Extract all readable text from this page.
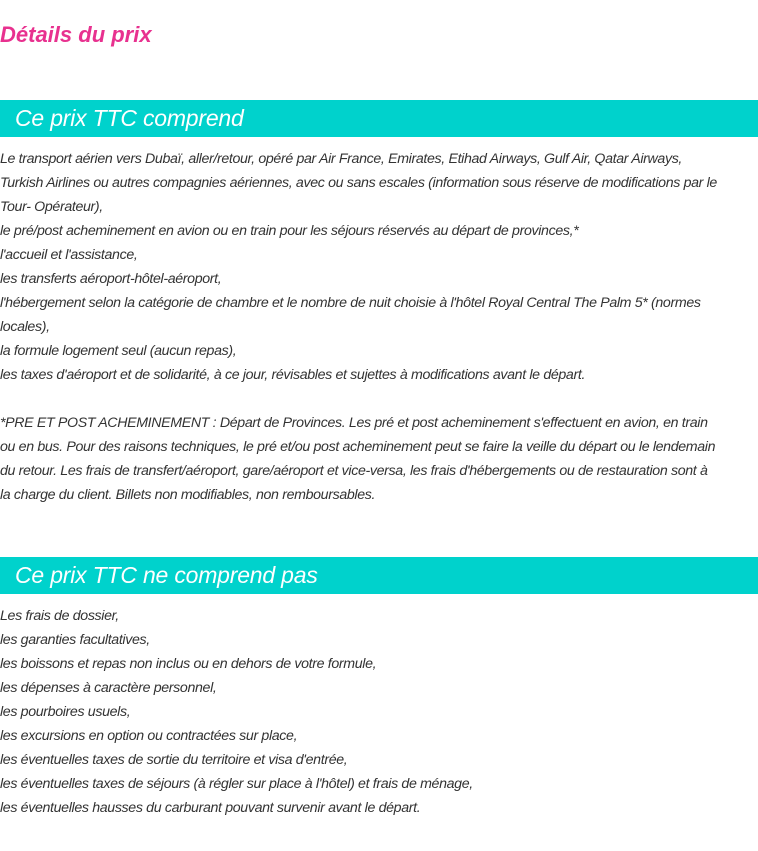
Détails du prix
Ce prix TTC comprend

Le transport aérien vers Dubaï, aller/retour, opéré par Air France, Emirates, Etihad Airways, Gulf Air, Qatar Airways,
Turkish Airlines ou autres compagnies aériennes, avec ou sans escales (information sous réserve de modifications par le
Tour- Opérateur),

le pré/post acheminement en avion ou en train pour les séjours réservés au départ de provinces,*

l'accueil et l'assistance,

les transferts aéroport-hôtel-aéroport,

l'hébergement selon la catégorie de chambre et le nombre de nuit choisie à l'hôtel Royal Central The Palm 5* (normes
locales),

la formule logement seul (aucun repas),

les taxes d'aéroport et de solidarité, à ce jour, révisables et sujettes à modifications avant le départ.

*PRE ET POST ACHEMINEMENT : Départ de Provinces. Les pré et post acheminement s'effectuent en avion, en train
ou en bus. Pour des raisons techniques, le pré et/ou post acheminement peut se faire la veille du départ ou le lendemain
du retour. Les frais de transfert/aéroport, gare/aéroport et vice-versa, les frais d'hébergements ou de restauration sont à
la charge du client. Billets non modifiables, non remboursables.
Ce prix TTC ne comprend pas

Les frais de dossier,

les garanties facultatives,

les boissons et repas non inclus ou en dehors de votre formule,

les dépenses à caractère personnel,

les pourboires usuels,

les excursions en option ou contractées sur place,

les éventuelles taxes de sortie du territoire et visa d'entrée,

les éventuelles taxes de séjours (à régler sur place à l'hôtel) et frais de ménage,

les éventuelles hausses du carburant pouvant survenir avant le départ.
